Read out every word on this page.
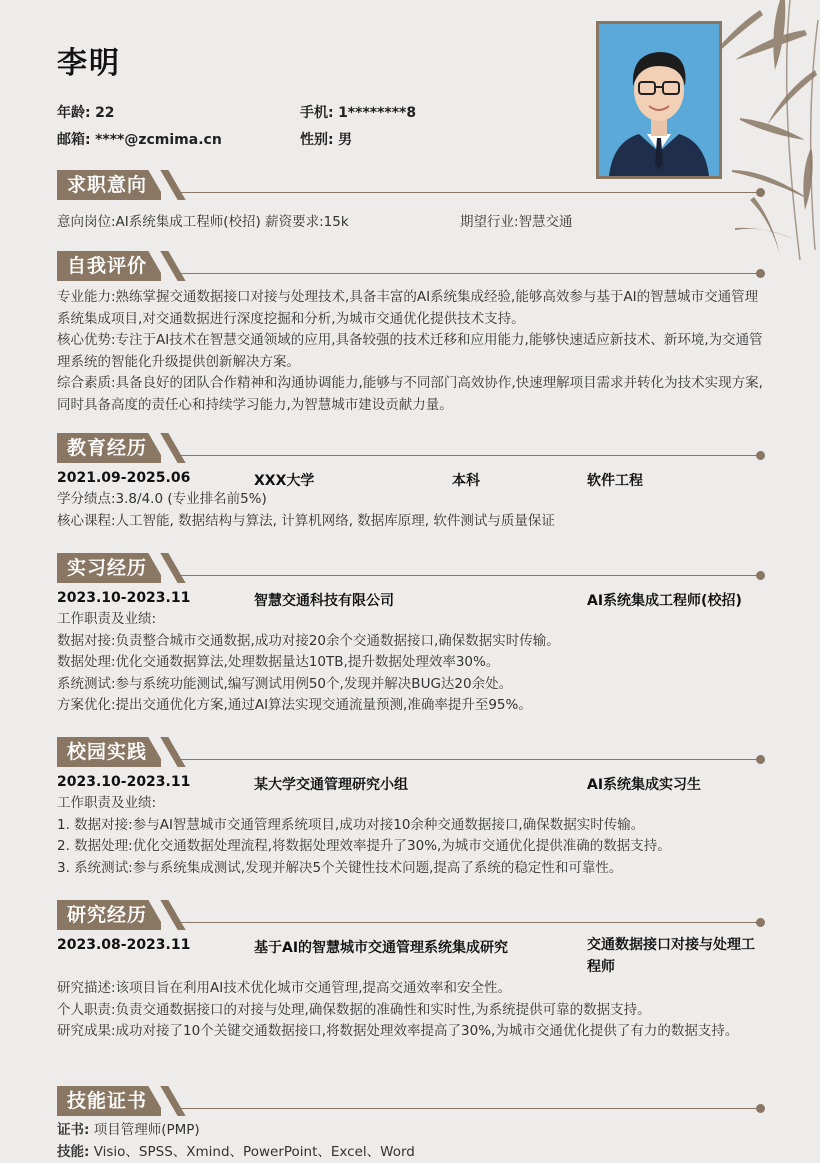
李明
年龄: 22	手机: 1********8
邮箱: ****@zcmima.cn	性别: 男
求职意向
意向岗位:AI系统集成工程师(校招) 薪资要求:15k	期望行业:智慧交通
自我评价

专业能力:熟练掌握交通数据接口对接与处理技术,具备丰富的AI系统集成经验,能够高效参与基于AI的智慧城市交通管理系统集成项目,对交通数据进行深度挖掘和分析,为城市交通优化提供技术支持。

核心优势:专注于AI技术在智慧交通领域的应用,具备较强的技术迁移和应用能力,能够快速适应新技术、新环境,为交通管理系统的智能化升级提供创新解决方案。

综合素质:具备良好的团队合作精神和沟通协调能力,能够与不同部门高效协作,快速理解项目需求并转化为技术实现方案,同时具备高度的责任心和持续学习能力,为智慧城市建设贡献力量。

教育经历
2021.09-2025.06	XXX大学	本科	软件工程

学分绩点:3.8/4.0 (专业排名前5%)

核心课程:人工智能, 数据结构与算法, 计算机网络, 数据库原理, 软件测试与质量保证

实习经历
2023.10-2023.11	智慧交通科技有限公司	AI系统集成工程师(校招)

工作职责及业绩:

数据对接:负责整合城市交通数据,成功对接20余个交通数据接口,确保数据实时传输。

数据处理:优化交通数据算法,处理数据量达10TB,提升数据处理效率30%。

系统测试:参与系统功能测试,编写测试用例50个,发现并解决BUG达20余处。

方案优化:提出交通优化方案,通过AI算法实现交通流量预测,准确率提升至95%。

校园实践
2023.10-2023.11	某大学交通管理研究小组	AI系统集成实习生

工作职责及业绩:

1. 数据对接:参与AI智慧城市交通管理系统项目,成功对接10余种交通数据接口,确保数据实时传输。

2. 数据处理:优化交通数据处理流程,将数据处理效率提升了30%,为城市交通优化提供准确的数据支持。

3. 系统测试:参与系统集成测试,发现并解决5个关键性技术问题,提高了系统的稳定性和可靠性。

研究经历
2023.08-2023.11	基于AI的智慧城市交通管理系统集成研究	交通数据接口对接与处理工程师

研究描述:该项目旨在利用AI技术优化城市交通管理,提高交通效率和安全性。

个人职责:负责交通数据接口的对接与处理,确保数据的准确性和实时性,为系统提供可靠的数据支持。

研究成果:成功对接了10个关键交通数据接口,将数据处理效率提高了30%,为城市交通优化提供了有力的数据支持。

技能证书

证书: 项目管理师(PMP)

技能: Visio、SPSS、Xmind、PowerPoint、Excel、Word
